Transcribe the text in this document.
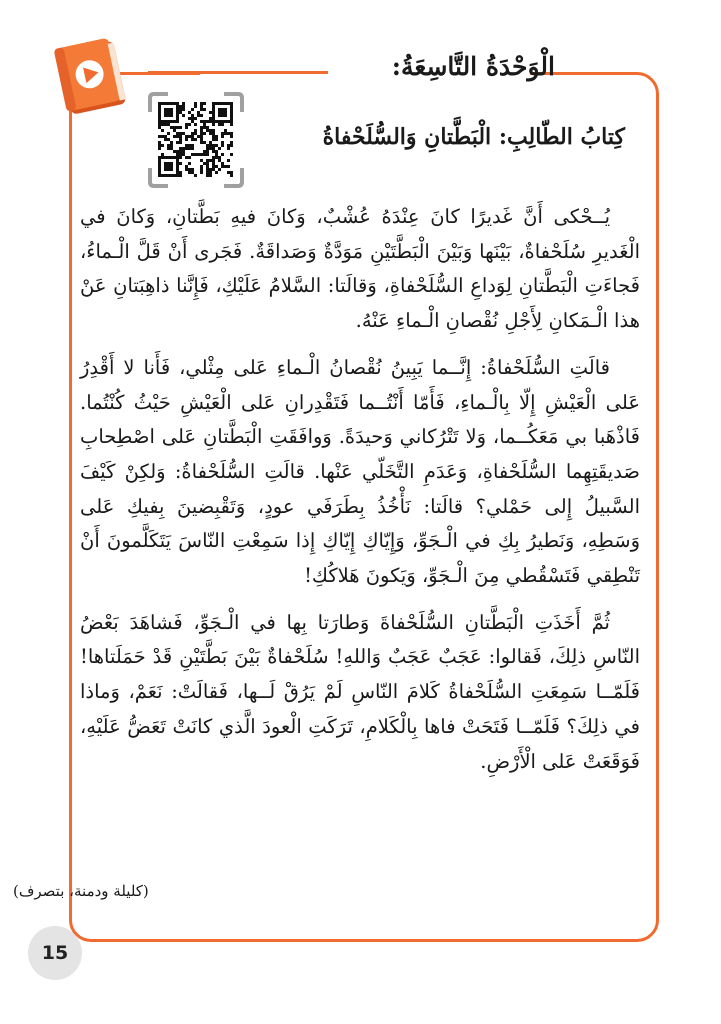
الْوَحْدَةُ التَّاسِعَةُ:
كِتابُ الطّالِبِ: الْبَطَّتانِ وَالسُّلَحْفاةُ

يُــحْكى أَنَّ غَديرًا كانَ عِنْدَهُ عُشْبٌ، وَكانَ فيهِ بَطَّتانِ، وَكانَ في الْغَديرِ سُلَحْفاةٌ، بَيْنَها وَبَيْنَ الْبَطَّتَيْنِ مَوَدَّةٌ وَصَداقَةٌ. فَجَرى أَنْ قَلَّ الْـماءُ، فَجاءَتِ الْبَطَّتانِ لِوَداعِ السُّلَحْفاةِ، وَقالَتا: السَّلامُ عَلَيْكِ، فَإِنَّنا ذاهِبَتانِ عَنْ هذا الْـمَكانِ لِأَجْلِ نُقْصانِ الْـماءِ عَنْهُ.

قالَتِ السُّلَحْفاةُ: إِنَّــما يَبِينُ نُقْصانُ الْـماءِ عَلى مِثْلي، فَأَنا لا أَقْدِرُ عَلى الْعَيْشِ إِلّا بِالْـماءِ، فَأَمّا أَنْتُــما فَتَقْدِرانِ عَلى الْعَيْشِ حَيْثُ كُنْتُما. فَاذْهَبا بي مَعَكُــما، وَلا تَتْرُكاني وَحيدَةً. وَوافَقَتِ الْبَطَّتانِ عَلى اصْطِحابِ صَديقَتِهِما السُّلَحْفاةِ، وَعَدَمِ التَّخَلّي عَنْها. قالَتِ السُّلَحْفاةُ: وَلكِنْ كَيْفَ السَّبيلُ إِلى حَمْلي؟ قالَتا: نَأْخُذُ بِطَرَفَي عودٍ، وَتَقْبِضينَ بِفيكِ عَلى وَسَطِهِ، وَنَطيرُ بِكِ في الْـجَوِّ، وَإِيّاكِ إِيّاكِ إِذا سَمِعْتِ النّاسَ يَتَكَلَّمونَ أَنْ تَنْطِقي فَتَسْقُطي مِنَ الْـجَوِّ، وَيَكونَ هَلاكُكِ!

ثُمَّ أَخَذَتِ الْبَطَّتانِ السُّلَحْفاةَ وَطارَتا بِها في الْـجَوِّ، فَشاهَدَ بَعْضُ النّاسِ ذلِكَ، فَقالوا: عَجَبٌ عَجَبٌ وَاللهِ! سُلَحْفاةٌ بَيْنَ بَطَّتَيْنِ قَدْ حَمَلَتاها! فَلَمّــا سَمِعَتِ السُّلَحْفاةُ كَلامَ النّاسِ لَمْ يَرُقْ لَــها، فَقالَتْ: نَعَمْ، وَماذا في ذلِكَ؟ فَلَمّــا فَتَحَتْ فاها بِالْكَلامِ، تَرَكَتِ الْعودَ الَّذي كانَتْ تَعَضُّ عَلَيْهِ، فَوَقَعَتْ عَلى الْأَرْضِ.

(كليلة ودمنة، بتصرف)
15
